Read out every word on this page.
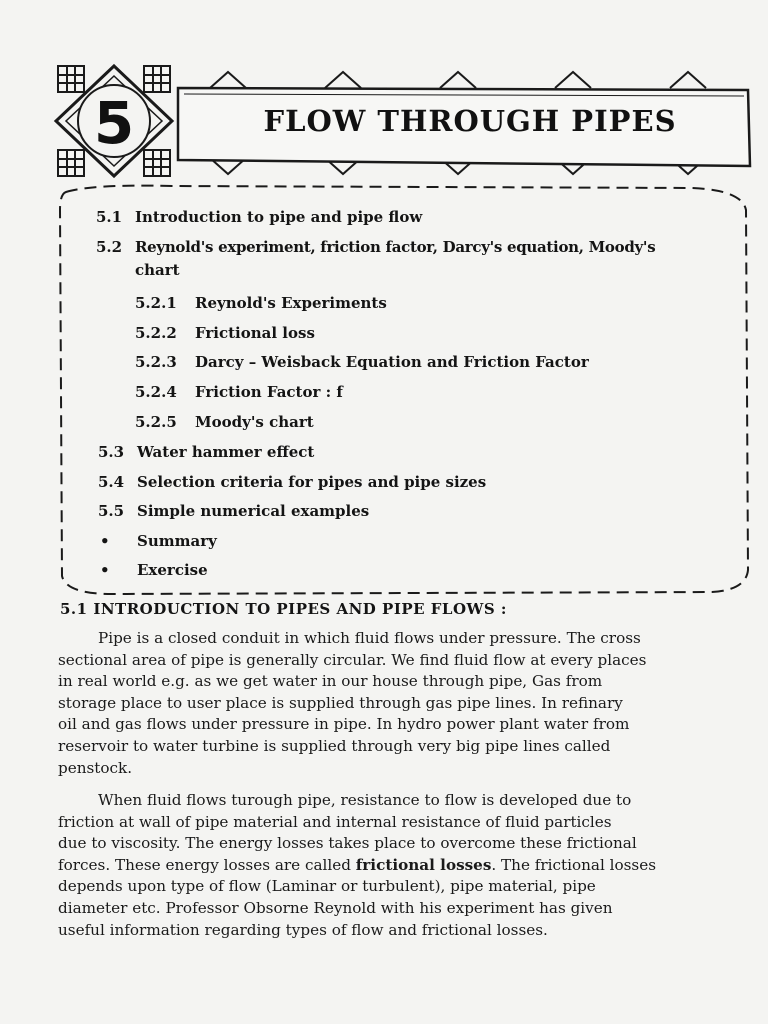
5	FLOW THROUGH PIPES
5.1 Introduction to pipe and pipe flow
5.2 Reynold's experiment, friction factor, Darcy's equation, Moody's
chart
5.2.1 Reynold's Experiments
5.2.2 Frictional loss
5.2.3 Darcy – Weisback Equation and Friction Factor
5.2.4 Friction Factor : f
5.2.5 Moody's chart
5.3 Water hammer effect
5.4 Selection criteria for pipes and pipe sizes
5.5 Simple numerical examples
• Summary
• Exercise
5.1 INTRODUCTION TO PIPES AND PIPE FLOWS :
Pipe is a closed conduit in which fluid flows under pressure. The cross
sectional area of pipe is generally circular. We find fluid flow at every places
in real world e.g. as we get water in our house through pipe, Gas from
storage place to user place is supplied through gas pipe lines. In refinary
oil and gas flows under pressure in pipe. In hydro power plant water from
reservoir to water turbine is supplied through very big pipe lines called
penstock.
When fluid flows turough pipe, resistance to flow is developed due to
friction at wall of pipe material and internal resistance of fluid particles
due to viscosity. The energy losses takes place to overcome these frictional
forces. These energy losses are called frictional losses. The frictional losses
depends upon type of flow (Laminar or turbulent), pipe material, pipe
diameter etc. Professor Obsorne Reynold with his experiment has given
useful information regarding types of flow and frictional losses.
